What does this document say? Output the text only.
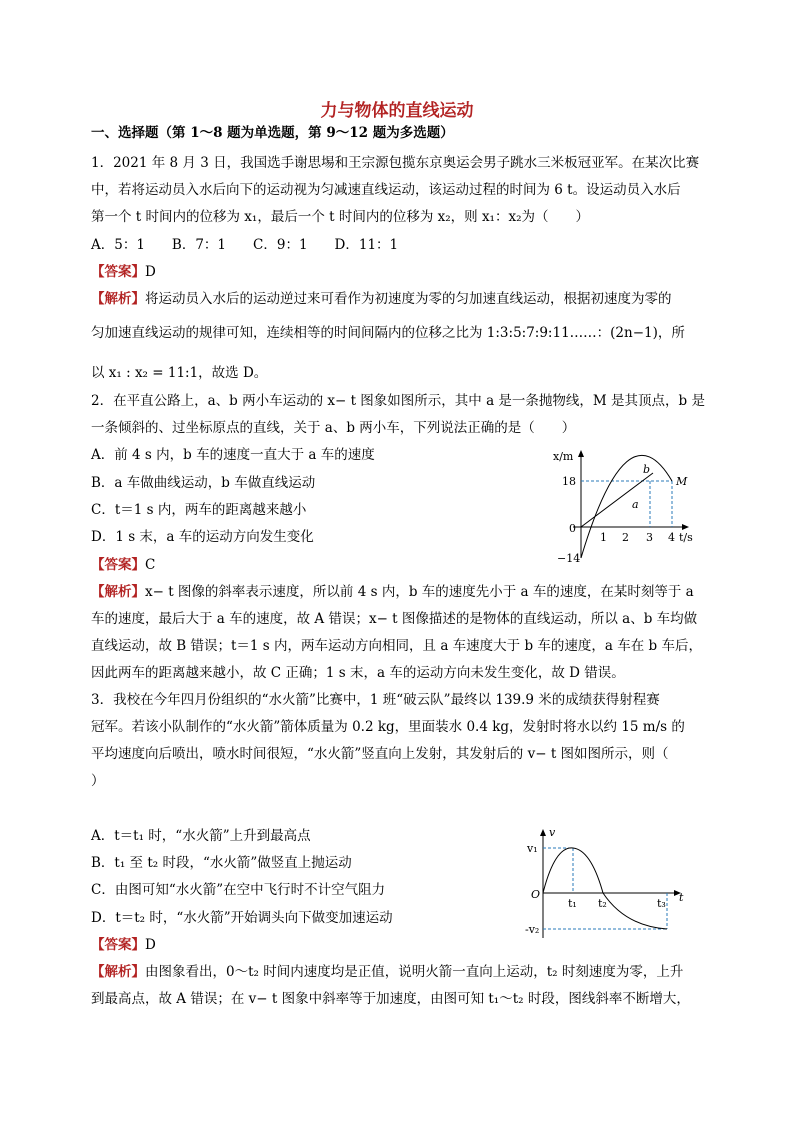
力与物体的直线运动
一、选择题（第 1～8 题为单选题，第 9～12 题为多选题）
1．2021 年 8 月 3 日，我国选手谢思埸和王宗源包揽东京奥运会男子跳水三米板冠亚军。在某次比赛
中，若将运动员入水后向下的运动视为匀减速直线运动，该运动过程的时间为 6 t。设运动员入水后
第一个 t 时间内的位移为 x₁，最后一个 t 时间内的位移为 x₂，则 x₁：x₂为（　　）
A．5：1　　B．7：1　　C．9：1　　D．11：1
【答案】D
【解析】将运动员入水后的运动逆过来可看作为初速度为零的匀加速直线运动，根据初速度为零的
匀加速直线运动的规律可知，连续相等的时间间隔内的位移之比为 1:3:5:7:9:11……：(2n−1)，所
以 x₁ : x₂ = 11:1，故选 D。
2．在平直公路上，a、b 两小车运动的 x− t 图象如图所示，其中 a 是一条抛物线，M 是其顶点，b 是
一条倾斜的、过坐标原点的直线，关于 a、b 两小车，下列说法正确的是（　　）
A．前 4 s 内，b 车的速度一直大于 a 车的速度
B．a 车做曲线运动，b 车做直线运动
C．t＝1 s 内，两车的距离越来越小
D．1 s 末，a 车的运动方向发生变化
【答案】C
【解析】x− t 图像的斜率表示速度，所以前 4 s 内，b 车的速度先小于 a 车的速度，在某时刻等于 a
车的速度，最后大于 a 车的速度，故 A 错误；x− t 图像描述的是物体的直线运动，所以 a、b 车均做
直线运动，故 B 错误；t＝1 s 内，两车运动方向相同，且 a 车速度大于 b 车的速度，a 车在 b 车后，
因此两车的距离越来越小，故 C 正确；1 s 末，a 车的运动方向未发生变化，故 D 错误。
x/m
18
0
−14
1 2 3 4 t/s
a
b
M
3．我校在今年四月份组织的“水火箭”比赛中，1 班“破云队”最终以 139.9 米的成绩获得射程赛
冠军。若该小队制作的“水火箭”箭体质量为 0.2 kg，里面装水 0.4 kg，发射时将水以约 15 m/s 的
平均速度向后喷出，喷水时间很短，“水火箭”竖直向上发射，其发射后的 v− t 图如图所示，则（
）
A．t＝t₁ 时，“水火箭”上升到最高点
B．t₁ 至 t₂ 时段，“水火箭”做竖直上抛运动
C．由图可知“水火箭”在空中飞行时不计空气阻力
D．t＝t₂ 时，“水火箭”开始调头向下做变加速运动
【答案】D
【解析】由图象看出，0～t₂ 时间内速度均是正值，说明火箭一直向上运动，t₂ 时刻速度为零，上升
到最高点，故 A 错误；在 v− t 图象中斜率等于加速度，由图可知 t₁～t₂ 时段，图线斜率不断增大，
v
v₁
-v₂
O
t₁ t₂	t₃ t
